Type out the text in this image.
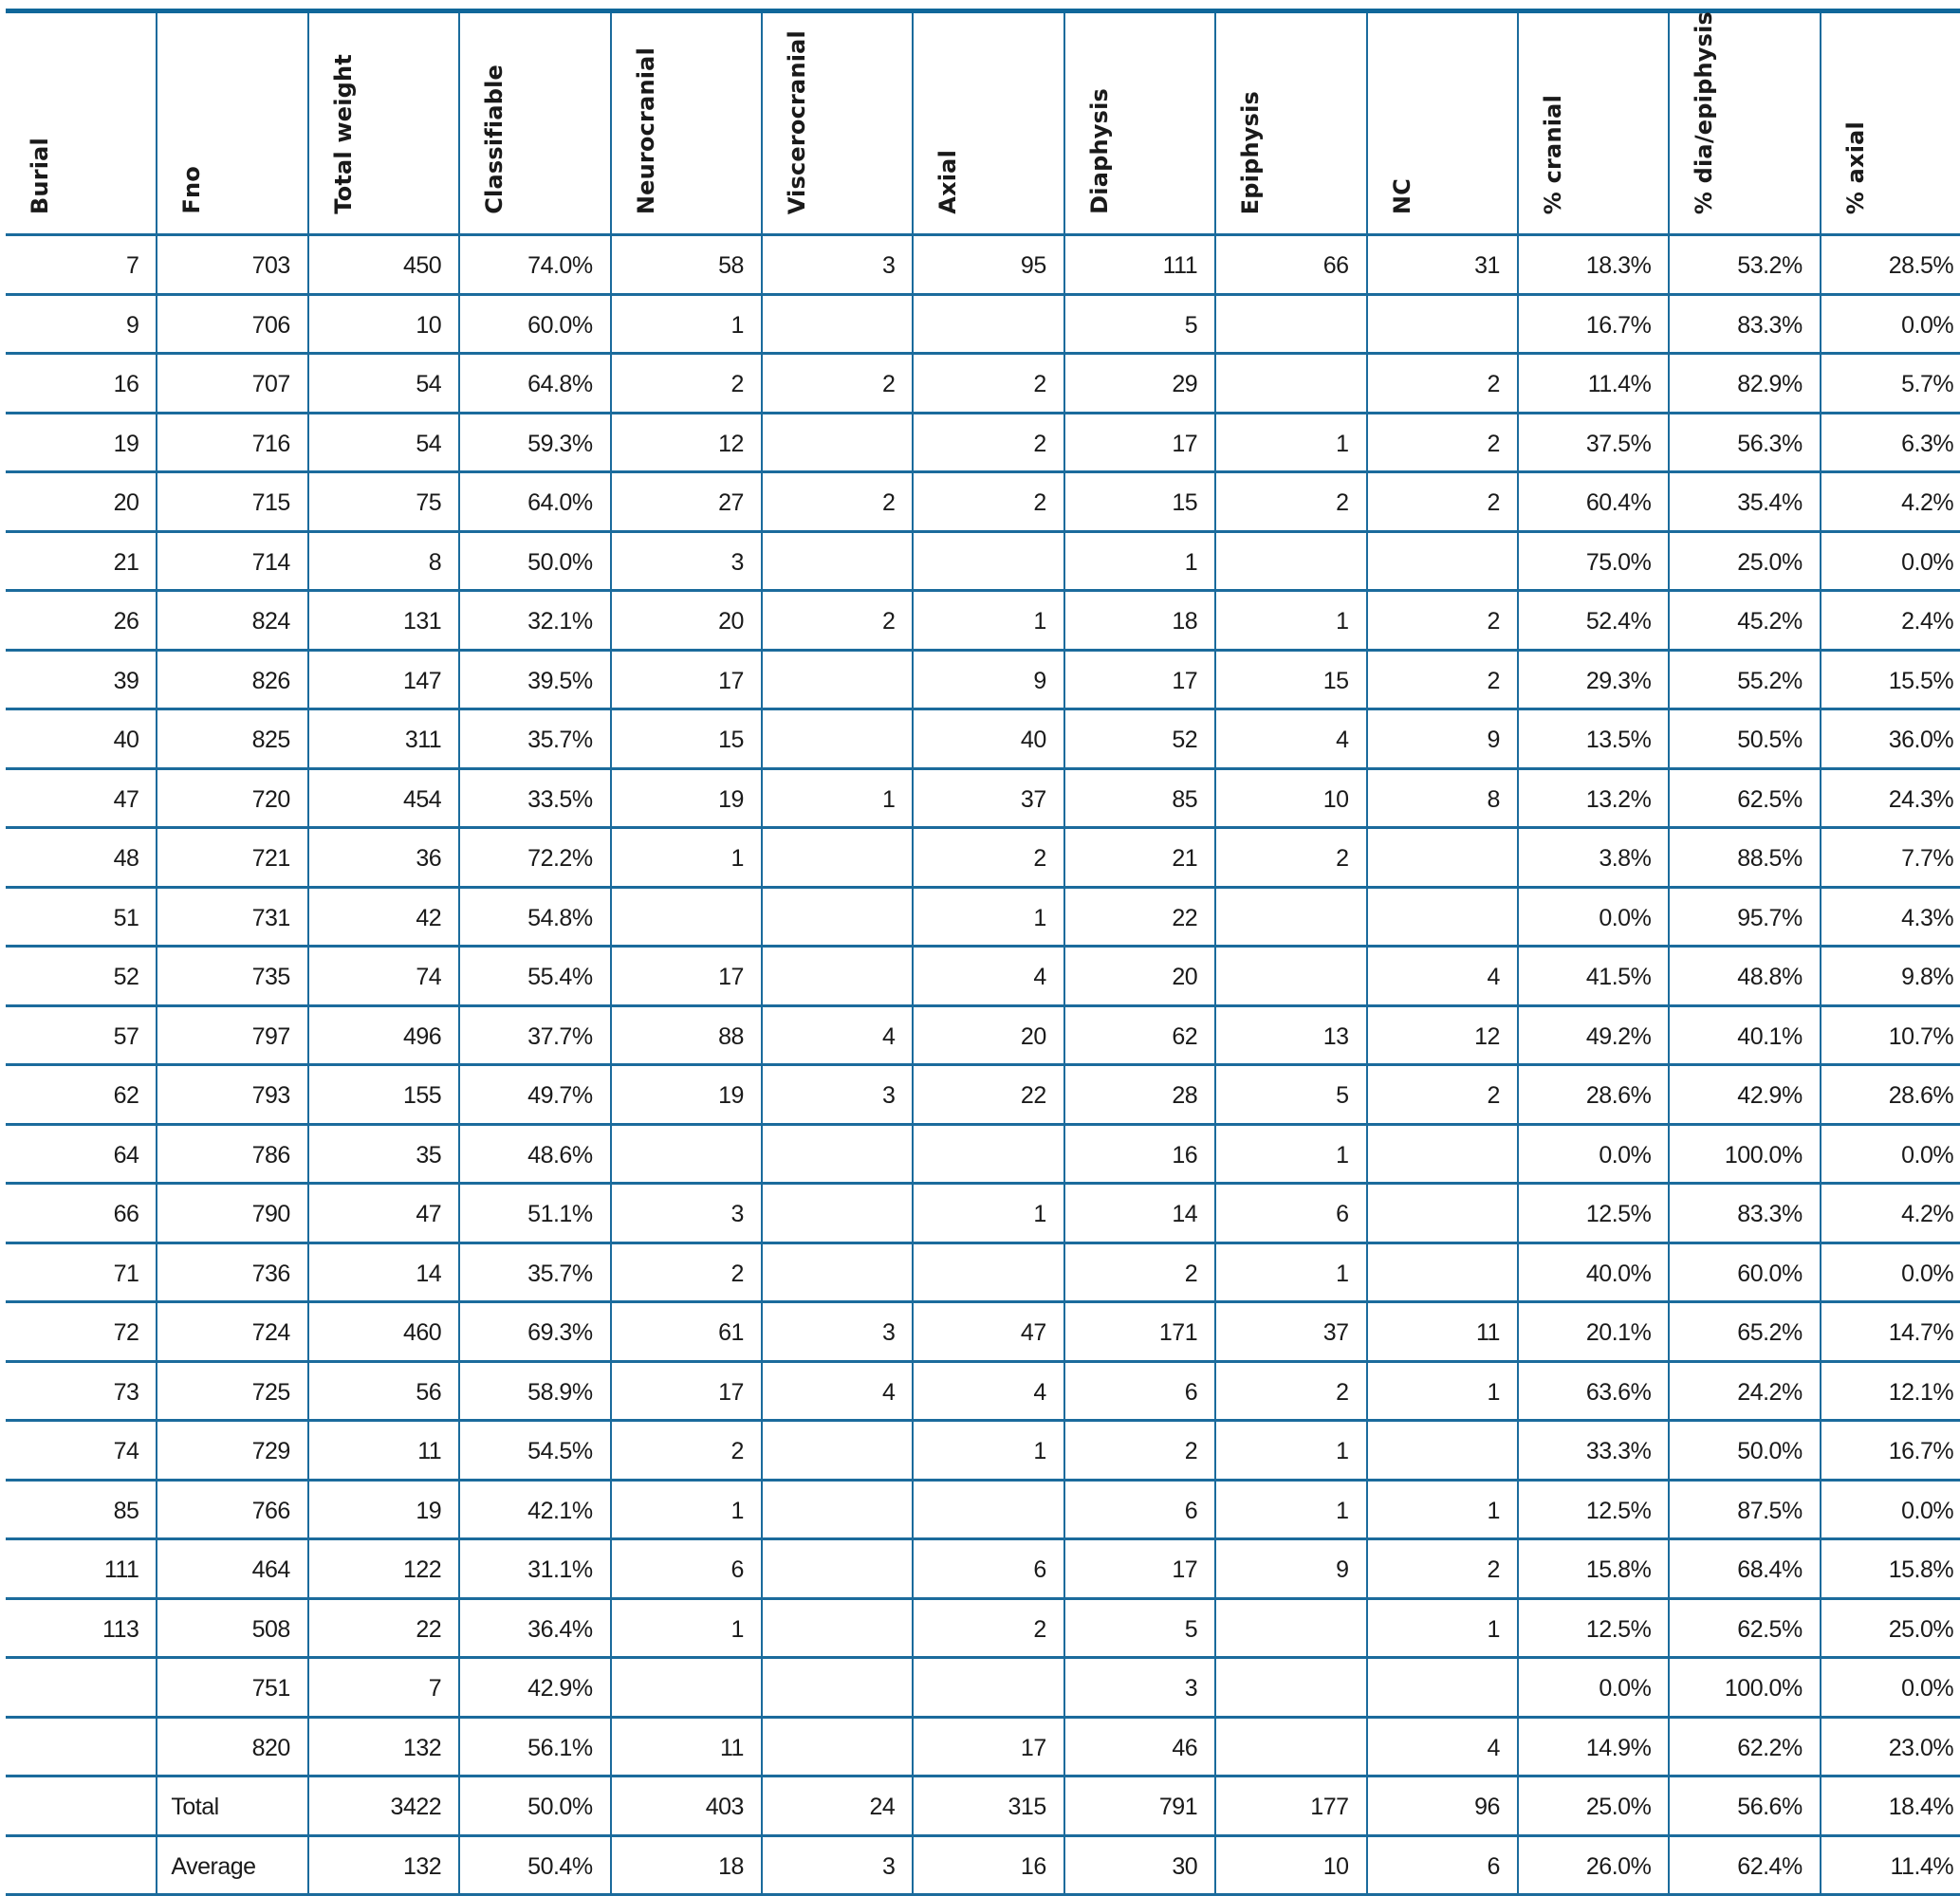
Burial	Fno	Total weight	Classifiable	Neurocranial	Viscerocranial	Axial	Diaphysis	Epiphysis	NC	% cranial	% dia/epiphysis	% axial

7	703	450	74.0%	58	3	95	111	66	31	18.3%	53.2%	28.5%
9	706	10	60.0%	1			5			16.7%	83.3%	0.0%
16	707	54	64.8%	2	2	2	29		2	11.4%	82.9%	5.7%
19	716	54	59.3%	12		2	17	1	2	37.5%	56.3%	6.3%
20	715	75	64.0%	27	2	2	15	2	2	60.4%	35.4%	4.2%
21	714	8	50.0%	3			1			75.0%	25.0%	0.0%
26	824	131	32.1%	20	2	1	18	1	2	52.4%	45.2%	2.4%
39	826	147	39.5%	17		9	17	15	2	29.3%	55.2%	15.5%
40	825	311	35.7%	15		40	52	4	9	13.5%	50.5%	36.0%
47	720	454	33.5%	19	1	37	85	10	8	13.2%	62.5%	24.3%
48	721	36	72.2%	1		2	21	2		3.8%	88.5%	7.7%
51	731	42	54.8%			1	22			0.0%	95.7%	4.3%
52	735	74	55.4%	17		4	20		4	41.5%	48.8%	9.8%
57	797	496	37.7%	88	4	20	62	13	12	49.2%	40.1%	10.7%
62	793	155	49.7%	19	3	22	28	5	2	28.6%	42.9%	28.6%
64	786	35	48.6%				16	1		0.0%	100.0%	0.0%
66	790	47	51.1%	3		1	14	6		12.5%	83.3%	4.2%
71	736	14	35.7%	2			2	1		40.0%	60.0%	0.0%
72	724	460	69.3%	61	3	47	171	37	11	20.1%	65.2%	14.7%
73	725	56	58.9%	17	4	4	6	2	1	63.6%	24.2%	12.1%
74	729	11	54.5%	2		1	2	1		33.3%	50.0%	16.7%
85	766	19	42.1%	1			6	1	1	12.5%	87.5%	0.0%
111	464	122	31.1%	6		6	17	9	2	15.8%	68.4%	15.8%
113	508	22	36.4%	1		2	5		1	12.5%	62.5%	25.0%
	751	7	42.9%				3			0.0%	100.0%	0.0%
	820	132	56.1%	11		17	46		4	14.9%	62.2%	23.0%
	Total	3422	50.0%	403	24	315	791	177	96	25.0%	56.6%	18.4%
	Average	132	50.4%	18	3	16	30	10	6	26.0%	62.4%	11.4%
